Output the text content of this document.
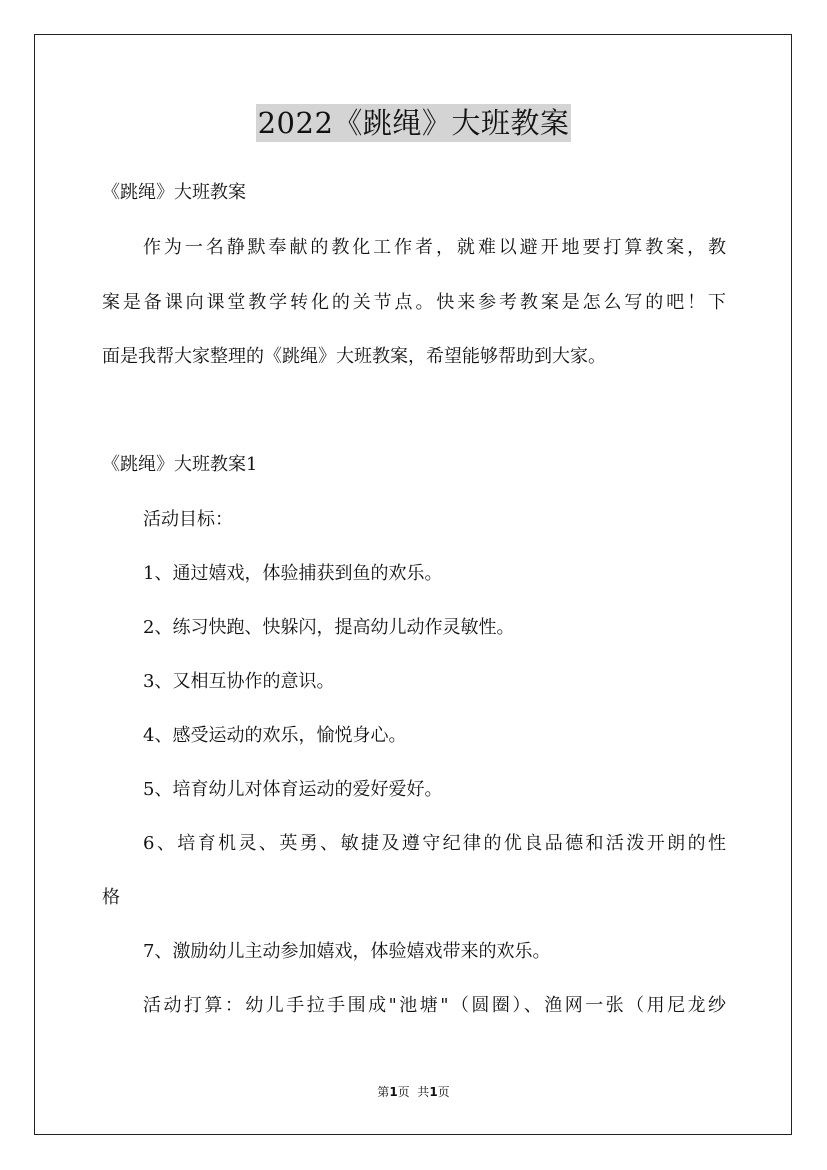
2022《跳绳》大班教案
《跳绳》大班教案
作为一名静默奉献的教化工作者，就难以避开地要打算教案，教
案是备课向课堂教学转化的关节点。快来参考教案是怎么写的吧！下
面是我帮大家整理的《跳绳》大班教案，希望能够帮助到大家。
《跳绳》大班教案1
活动目标：
1、通过嬉戏，体验捕获到鱼的欢乐。
2、练习快跑、快躲闪，提高幼儿动作灵敏性。
3、又相互协作的意识。
4、感受运动的欢乐，愉悦身心。
5、培育幼儿对体育运动的爱好爱好。
6、培育机灵、英勇、敏捷及遵守纪律的优良品德和活泼开朗的性
格
7、激励幼儿主动参加嬉戏，体验嬉戏带来的欢乐。
活动打算：幼儿手拉手围成"池塘"（圆圈）、渔网一张（用尼龙纱
第1页  共1页
